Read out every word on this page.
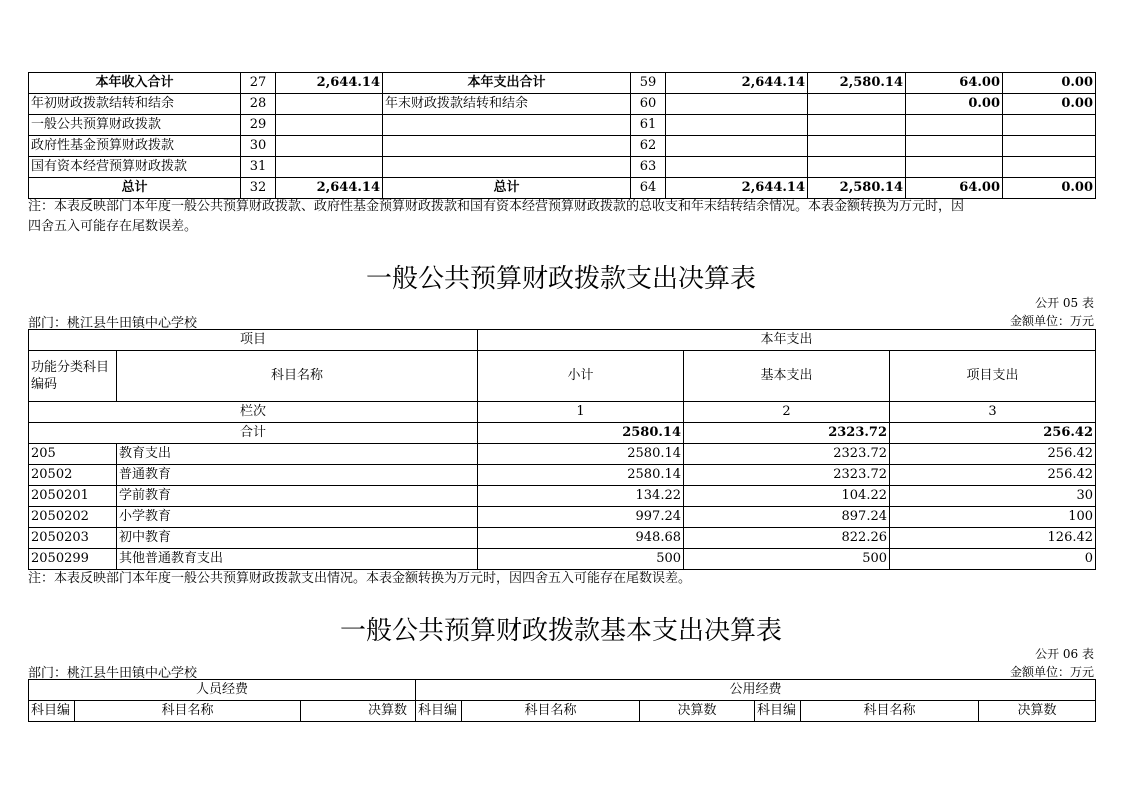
本年收入合计	27	2,644.14	本年支出合计	59	2,644.14	2,580.14	64.00	0.00
年初财政拨款结转和结余	28		年末财政拨款结转和结余	60			0.00	0.00
一般公共预算财政拨款	29			61				
政府性基金预算财政拨款	30			62				
国有资本经营预算财政拨款	31			63				
总计	32	2,644.14	总计	64	2,644.14	2,580.14	64.00	0.00
注：本表反映部门本年度一般公共预算财政拨款、政府性基金预算财政拨款和国有资本经营预算财政拨款的总收支和年末结转结余情况。本表金额转换为万元时，因
四舍五入可能存在尾数误差。
一般公共预算财政拨款支出决算表
公开 05 表
部门：桃江县牛田镇中心学校	金额单位：万元
项目		本年支出		
功能分类科目编码	科目名称	小计	基本支出	项目支出
栏次		1	2	3
合计		2580.14	2323.72	256.42
205	教育支出	2580.14	2323.72	256.42
20502	普通教育	2580.14	2323.72	256.42
2050201	学前教育	134.22	104.22	30
2050202	小学教育	997.24	897.24	100
2050203	初中教育	948.68	822.26	126.42
2050299	其他普通教育支出	500	500	0
注：本表反映部门本年度一般公共预算财政拨款支出情况。本表金额转换为万元时，因四舍五入可能存在尾数误差。
一般公共预算财政拨款基本支出决算表
公开 06 表
部门：桃江县牛田镇中心学校	金额单位：万元
人员经费			公用经费					
科目编	科目名称	决算数	科目编	科目名称	决算数	科目编	科目名称	决算数
